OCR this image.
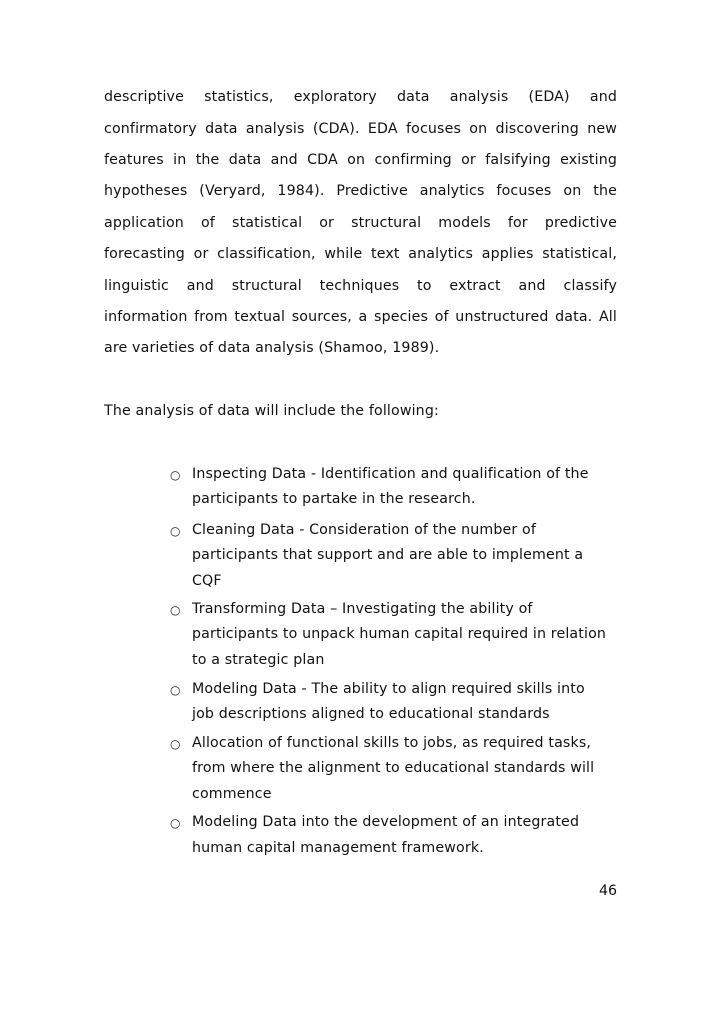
descriptive statistics, exploratory data analysis (EDA) and
confirmatory data analysis (CDA). EDA focuses on discovering new
features in the data and CDA on confirming or falsifying existing
hypotheses (Veryard, 1984). Predictive analytics focuses on the
application of statistical or structural models for predictive
forecasting or classification, while text analytics applies statistical,
linguistic and structural techniques to extract and classify
information from textual sources, a species of unstructured data. All
are varieties of data analysis (Shamoo, 1989).
The analysis of data will include the following:
○ Inspecting Data - Identification and qualification of the
participants to partake in the research.
○ Cleaning Data - Consideration of the number of
participants that support and are able to implement a
CQF
○ Transforming Data – Investigating the ability of
participants to unpack human capital required in relation
to a strategic plan
○ Modeling Data - The ability to align required skills into
job descriptions aligned to educational standards
○ Allocation of functional skills to jobs, as required tasks,
from where the alignment to educational standards will
commence
○ Modeling Data into the development of an integrated
human capital management framework.
46
